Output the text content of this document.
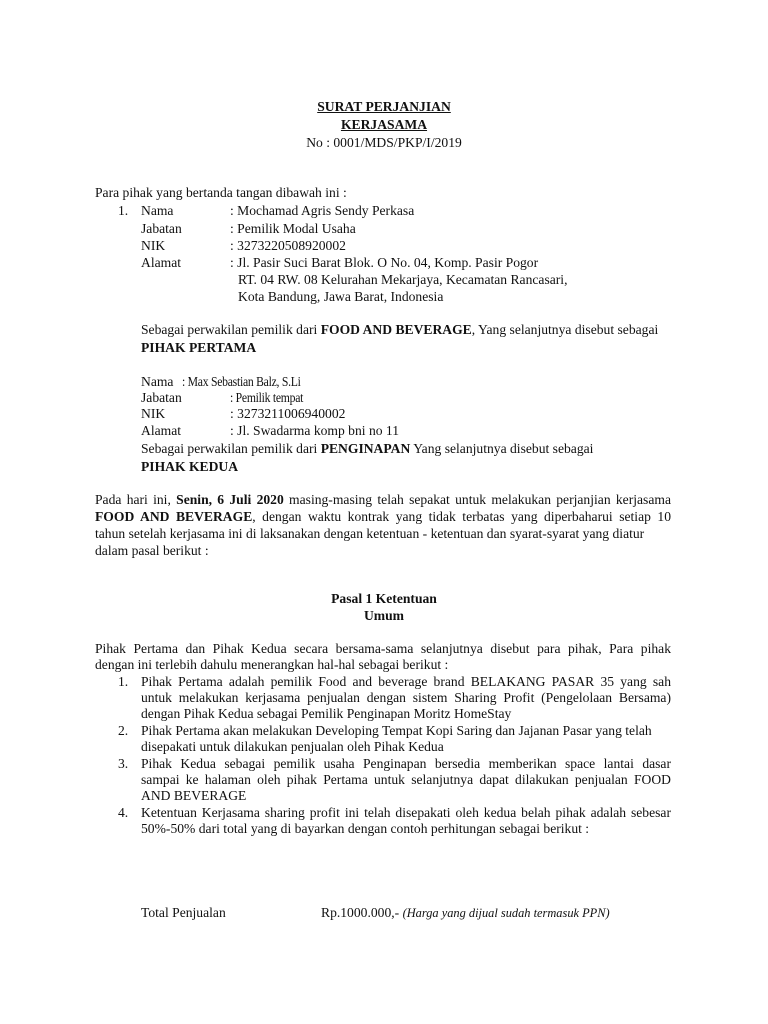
SURAT PERJANJIAN
KERJASAMA
No : 0001/MDS/PKP/I/2019
Para pihak yang bertanda tangan dibawah ini :
1. Nama	: Mochamad Agris Sendy Perkasa
Jabatan	: Pemilik Modal Usaha
NIK	: 3273220508920002
Alamat	: Jl. Pasir Suci Barat Blok. O No. 04, Komp. Pasir Pogor
RT. 04 RW. 08 Kelurahan Mekarjaya, Kecamatan Rancasari,
Kota Bandung, Jawa Barat, Indonesia
Sebagai perwakilan pemilik dari FOOD AND BEVERAGE, Yang selanjutnya disebut sebagai
PIHAK PERTAMA
Nama : Max Sebastian Balz, S.Li
Jabatan	: Pemilik tempat
NIK	: 3273211006940002
Alamat	: Jl. Swadarma komp bni no 11
Sebagai perwakilan pemilik dari PENGINAPAN Yang selanjutnya disebut sebagai
PIHAK KEDUA
Pada hari ini, Senin, 6 Juli 2020 masing-masing telah sepakat untuk melakukan perjanjian kerjasama
FOOD AND BEVERAGE, dengan waktu kontrak yang tidak terbatas yang diperbaharui setiap 10
tahun setelah kerjasama ini di laksanakan dengan ketentuan - ketentuan dan syarat-syarat yang diatur
dalam pasal berikut :
Pasal 1 Ketentuan
Umum
Pihak Pertama dan Pihak Kedua secara bersama-sama selanjutnya disebut para pihak, Para pihak
dengan ini terlebih dahulu menerangkan hal-hal sebagai berikut :
1. Pihak Pertama adalah pemilik Food and beverage brand BELAKANG PASAR 35 yang sah
untuk melakukan kerjasama penjualan dengan sistem Sharing Profit (Pengelolaan Bersama)
dengan Pihak Kedua sebagai Pemilik Penginapan Moritz HomeStay
2. Pihak Pertama akan melakukan Developing Tempat Kopi Saring dan Jajanan Pasar yang telah
disepakati untuk dilakukan penjualan oleh Pihak Kedua
3. Pihak Kedua sebagai pemilik usaha Penginapan bersedia memberikan space lantai dasar
sampai ke halaman oleh pihak Pertama untuk selanjutnya dapat dilakukan penjualan FOOD
AND BEVERAGE
4. Ketentuan Kerjasama sharing profit ini telah disepakati oleh kedua belah pihak adalah sebesar
50%-50% dari total yang di bayarkan dengan contoh perhitungan sebagai berikut :
Total Penjualan	Rp.1000.000,- (Harga yang dijual sudah termasuk PPN)
